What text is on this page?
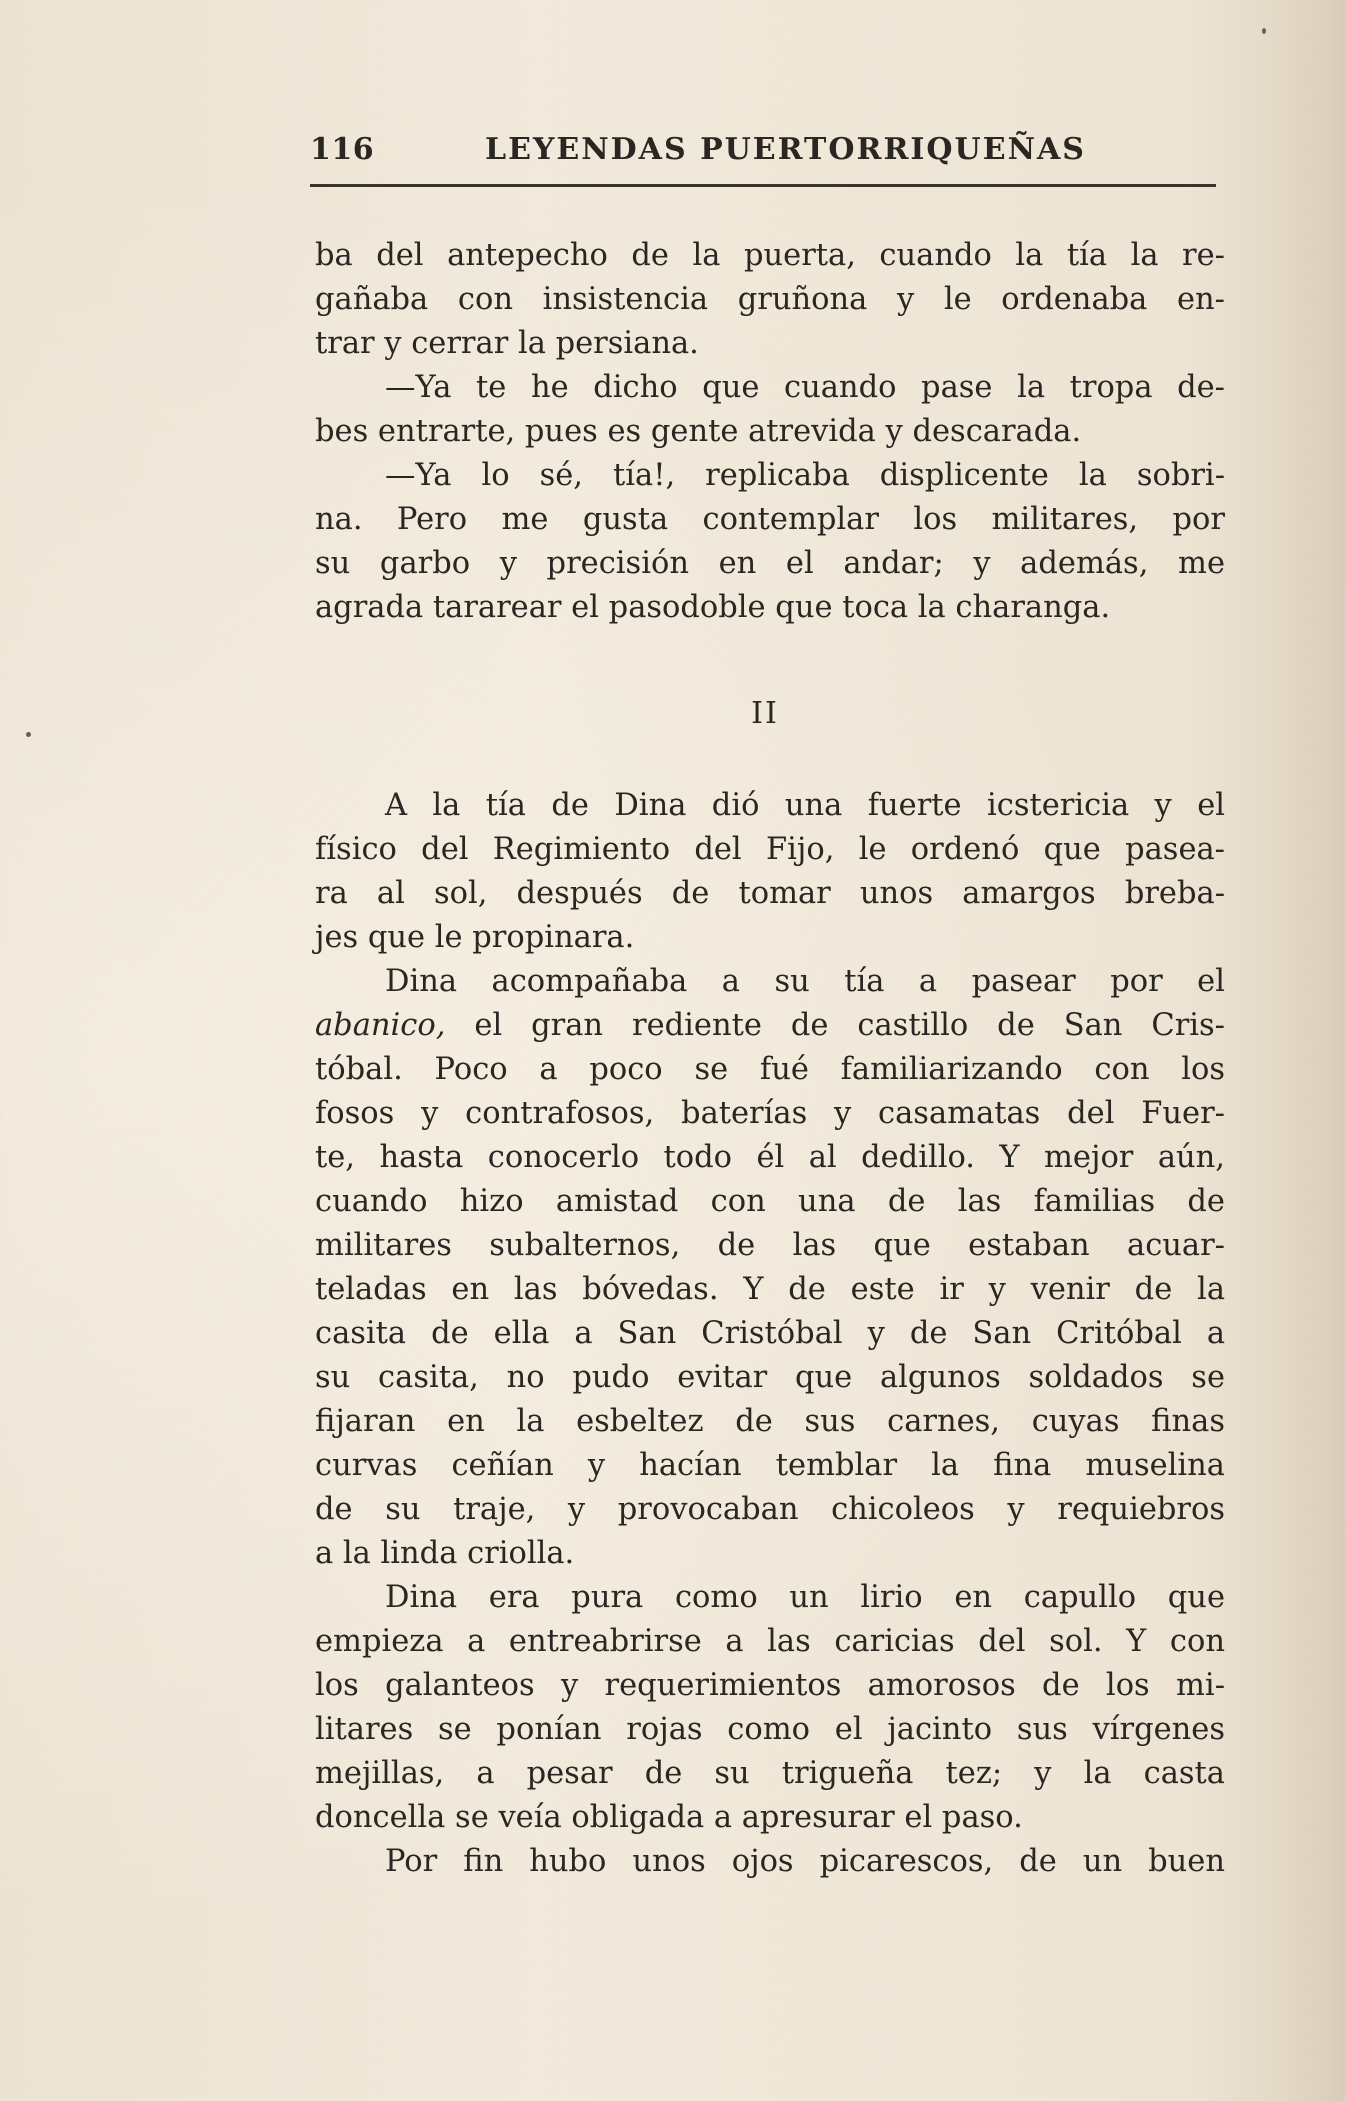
116	LEYENDAS PUERTORRIQUEÑAS
ba del antepecho de la puerta, cuando la tía la re-
gañaba con insistencia gruñona y le ordenaba en-
trar y cerrar la persiana.
—Ya te he dicho que cuando pase la tropa de-
bes entrarte, pues es gente atrevida y descarada.
—Ya lo sé, tía!, replicaba displicente la sobri-
na. Pero me gusta contemplar los militares, por
su garbo y precisión en el andar; y además, me
agrada tararear el pasodoble que toca la charanga.
II
A la tía de Dina dió una fuerte icstericia y el
físico del Regimiento del Fijo, le ordenó que pasea-
ra al sol, después de tomar unos amargos breba-
jes que le propinara.
Dina acompañaba a su tía a pasear por el
abanico, el gran rediente de castillo de San Cris-
tóbal. Poco a poco se fué familiarizando con los
fosos y contrafosos, baterías y casamatas del Fuer-
te, hasta conocerlo todo él al dedillo. Y mejor aún,
cuando hizo amistad con una de las familias de
militares subalternos, de las que estaban acuar-
teladas en las bóvedas. Y de este ir y venir de la
casita de ella a San Cristóbal y de San Critóbal a
su casita, no pudo evitar que algunos soldados se
fijaran en la esbeltez de sus carnes, cuyas finas
curvas ceñían y hacían temblar la fina muselina
de su traje, y provocaban chicoleos y requiebros
a la linda criolla.
Dina era pura como un lirio en capullo que
empieza a entreabrirse a las caricias del sol. Y con
los galanteos y requerimientos amorosos de los mi-
litares se ponían rojas como el jacinto sus vírgenes
mejillas, a pesar de su trigueña tez; y la casta
doncella se veía obligada a apresurar el paso.
Por fin hubo unos ojos picarescos, de un buen
